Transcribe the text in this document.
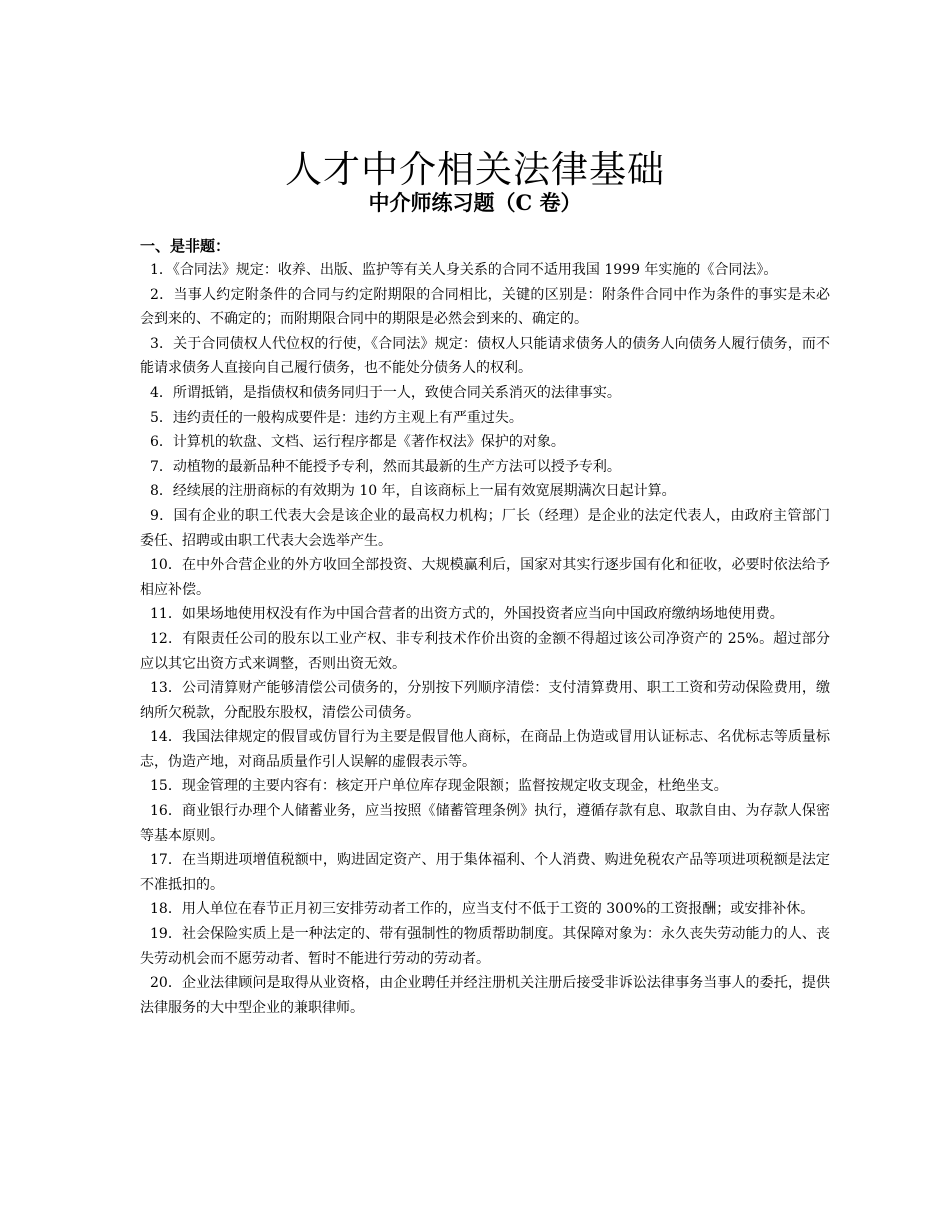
人才中介相关法律基础
中介师练习题（C 卷）
一、是非题：
1．《合同法》规定：收养、出版、监护等有关人身关系的合同不适用我国 1999 年实施的《合同法》。
2．当事人约定附条件的合同与约定附期限的合同相比，关键的区别是：附条件合同中作为条件的事实是未必会到来的、不确定的；而附期限合同中的期限是必然会到来的、确定的。
3．关于合同债权人代位权的行使，《合同法》规定：债权人只能请求债务人的债务人向债务人履行债务，而不能请求债务人直接向自己履行债务，也不能处分债务人的权利。
4．所谓抵销，是指债权和债务同归于一人，致使合同关系消灭的法律事实。
5．违约责任的一般构成要件是：违约方主观上有严重过失。
6．计算机的软盘、文档、运行程序都是《著作权法》保护的对象。
7．动植物的最新品种不能授予专利，然而其最新的生产方法可以授予专利。
8．经续展的注册商标的有效期为 10 年，自该商标上一届有效宽展期满次日起计算。
9．国有企业的职工代表大会是该企业的最高权力机构；厂长（经理）是企业的法定代表人，由政府主管部门委任、招聘或由职工代表大会选举产生。
10．在中外合营企业的外方收回全部投资、大规模赢利后，国家对其实行逐步国有化和征收，必要时依法给予相应补偿。
11．如果场地使用权没有作为中国合营者的出资方式的，外国投资者应当向中国政府缴纳场地使用费。
12．有限责任公司的股东以工业产权、非专利技术作价出资的金额不得超过该公司净资产的 25%。超过部分应以其它出资方式来调整，否则出资无效。
13．公司清算财产能够清偿公司债务的，分别按下列顺序清偿：支付清算费用、职工工资和劳动保险费用，缴纳所欠税款，分配股东股权，清偿公司债务。
14．我国法律规定的假冒或仿冒行为主要是假冒他人商标，在商品上伪造或冒用认证标志、名优标志等质量标志，伪造产地，对商品质量作引人误解的虚假表示等。
15．现金管理的主要内容有：核定开户单位库存现金限额；监督按规定收支现金，杜绝坐支。
16．商业银行办理个人储蓄业务，应当按照《储蓄管理条例》执行，遵循存款有息、取款自由、为存款人保密等基本原则。
17．在当期进项增值税额中，购进固定资产、用于集体福利、个人消费、购进免税农产品等项进项税额是法定不准抵扣的。
18．用人单位在春节正月初三安排劳动者工作的，应当支付不低于工资的 300%的工资报酬；或安排补休。
19．社会保险实质上是一种法定的、带有强制性的物质帮助制度。其保障对象为：永久丧失劳动能力的人、丧失劳动机会而不愿劳动者、暂时不能进行劳动的劳动者。
20．企业法律顾问是取得从业资格，由企业聘任并经注册机关注册后接受非诉讼法律事务当事人的委托，提供法律服务的大中型企业的兼职律师。
